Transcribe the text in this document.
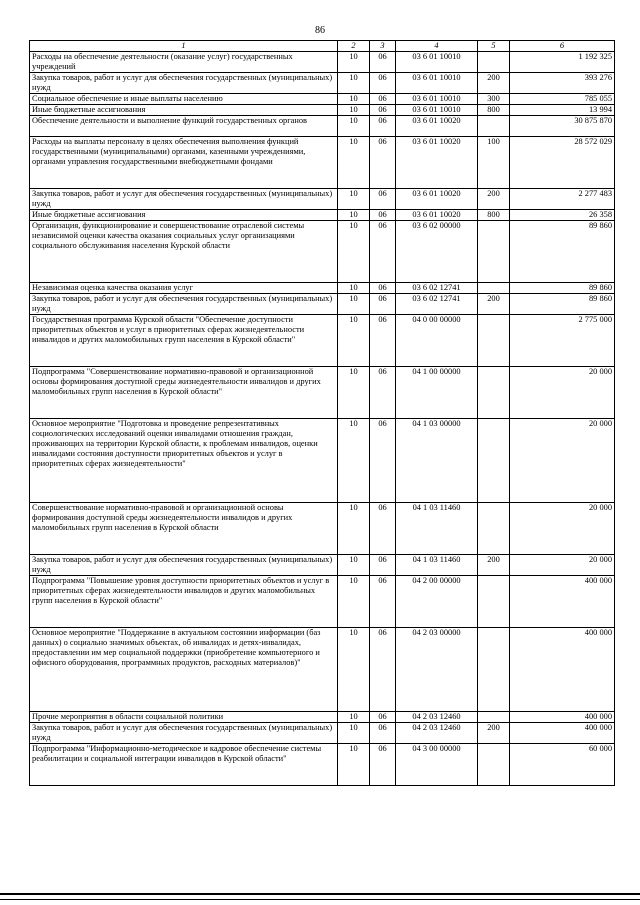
86
1	2	3	4	5	6
Расходы на обеспечение деятельности (оказание услуг) государственных учреждений	10	06	03 6 01 10010		1 192 325
Закупка товаров, работ и услуг для обеспечения государственных (муниципальных) нужд	10	06	03 6 01 10010	200	393 276
Социальное обеспечение и иные выплаты населению	10	06	03 6 01 10010	300	785 055
Иные бюджетные ассигнования	10	06	03 6 01 10010	800	13 994
Обеспечение деятельности и выполнение функций государственных органов	10	06	03 6 01 10020		30 875 870
Расходы на выплаты персоналу в целях обеспечения выполнения функций государственными (муниципальными) органами, казенными учреждениями, органами управления государственными внебюджетными фондами	10	06	03 6 01 10020	100	28 572 029
Закупка товаров, работ и услуг для обеспечения государственных (муниципальных) нужд	10	06	03 6 01 10020	200	2 277 483
Иные бюджетные ассигнования	10	06	03 6 01 10020	800	26 358
Организация, функционирование и совершенствование отраслевой системы независимой оценки качества оказания социальных услуг организациями социального обслуживания населения Курской области	10	06	03 6 02 00000		89 860
Независимая оценка качества оказания услуг	10	06	03 6 02 12741		89 860
Закупка товаров, работ и услуг для обеспечения государственных (муниципальных) нужд	10	06	03 6 02 12741	200	89 860
Государственная программа Курской области "Обеспечение доступности приоритетных объектов и услуг в приоритетных сферах жизнедеятельности инвалидов и других маломобильных групп населения в Курской области"	10	06	04 0 00 00000		2 775 000
Подпрограмма "Совершенствование нормативно-правовой и организационной основы формирования доступной среды жизнедеятельности инвалидов и других маломобильных групп населения в Курской области"	10	06	04 1 00 00000		20 000
Основное мероприятие "Подготовка и проведение репрезентативных социологических исследований оценки инвалидами отношения граждан, проживающих на территории Курской области, к проблемам инвалидов, оценки инвалидами состояния доступности приоритетных объектов и услуг в приоритетных сферах жизнедеятельности"	10	06	04 1 03 00000		20 000
Совершенствование нормативно-правовой и организационной основы формирования доступной среды жизнедеятельности инвалидов и других маломобильных групп населения в Курской области	10	06	04 1 03 11460		20 000
Закупка товаров, работ и услуг для обеспечения государственных (муниципальных) нужд	10	06	04 1 03 11460	200	20 000
Подпрограмма "Повышение уровня доступности приоритетных объектов и услуг в приоритетных сферах жизнедеятельности инвалидов и других маломобильных групп населения в Курской области"	10	06	04 2 00 00000		400 000
Основное мероприятие "Поддержание в актуальном состоянии информации (баз данных) о социально значимых объектах, об инвалидах и детях-инвалидах, предоставлении им мер социальной поддержки (приобретение компьютерного и офисного оборудования, программных продуктов, расходных материалов)"	10	06	04 2 03 00000		400 000
Прочие мероприятия в области социальной политики	10	06	04 2 03 12460		400 000
Закупка товаров, работ и услуг для обеспечения государственных (муниципальных) нужд	10	06	04 2 03 12460	200	400 000
Подпрограмма "Информационно-методическое и кадровое обеспечение системы реабилитации и социальной интеграции инвалидов в Курской области"	10	06	04 3 00 00000		60 000
